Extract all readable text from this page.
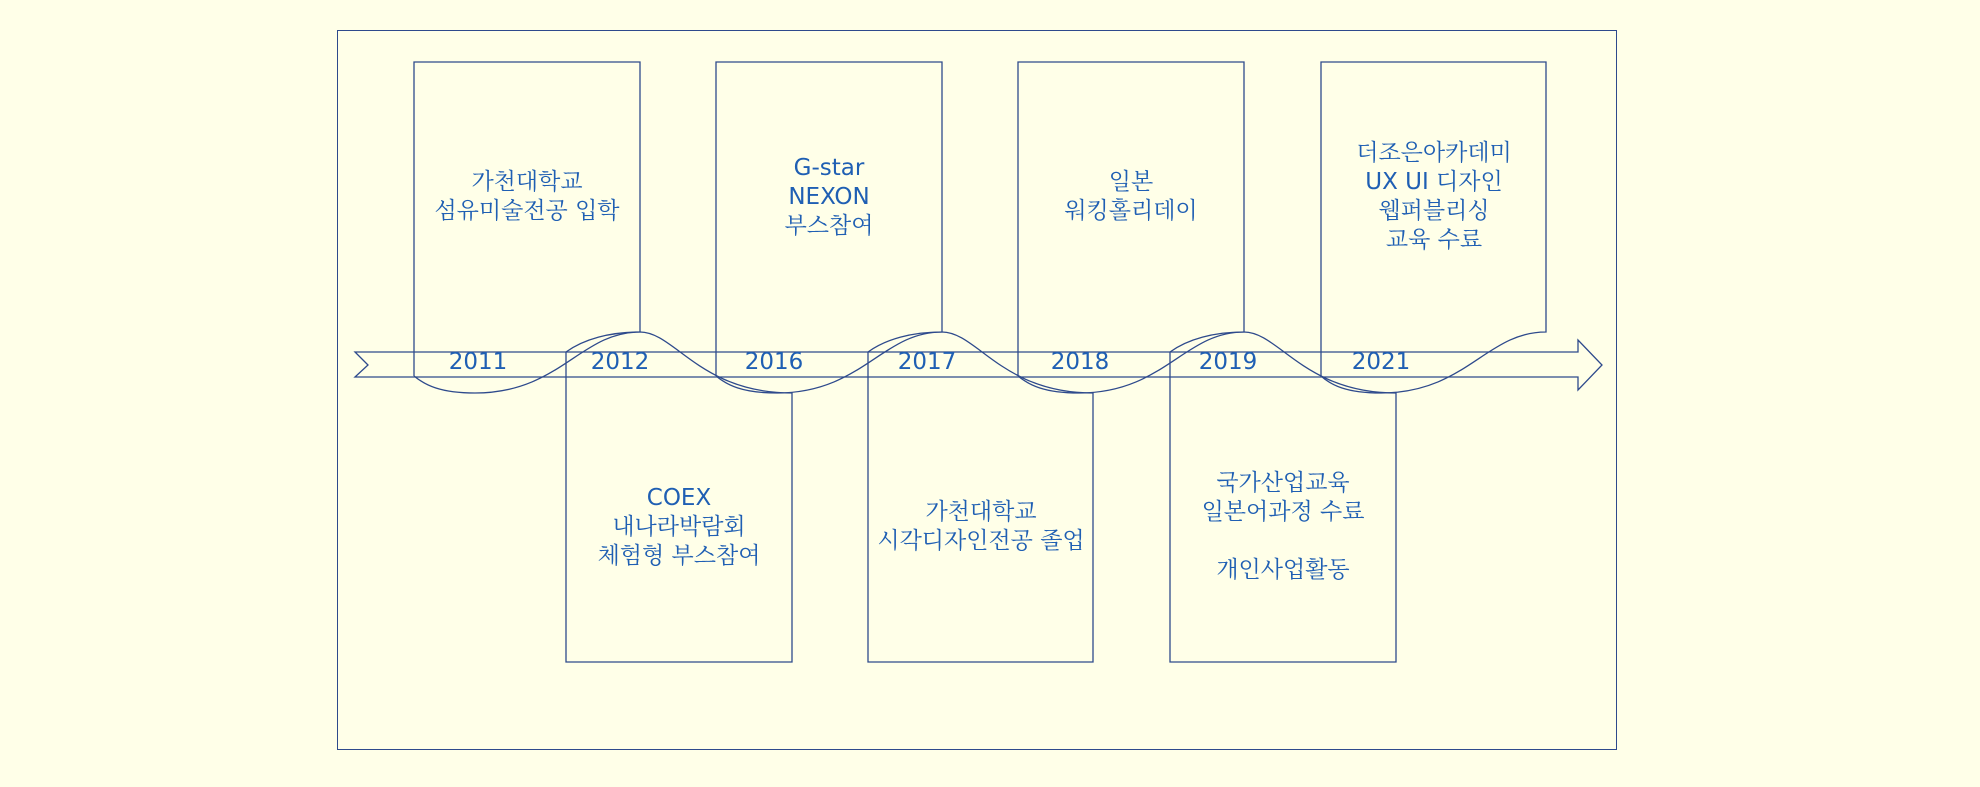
2011	2012	2016	2017	2018	2019	2021
가천대학교
섬유미술전공 입학
G-star
NEXON
부스참여
일본
워킹홀리데이
더조은아카데미
UX UI 디자인
웹퍼블리싱
교육 수료
COEX
내나라박람회
체험형 부스참여
가천대학교
시각디자인전공 졸업
국가산업교육
일본어과정 수료

개인사업활동
